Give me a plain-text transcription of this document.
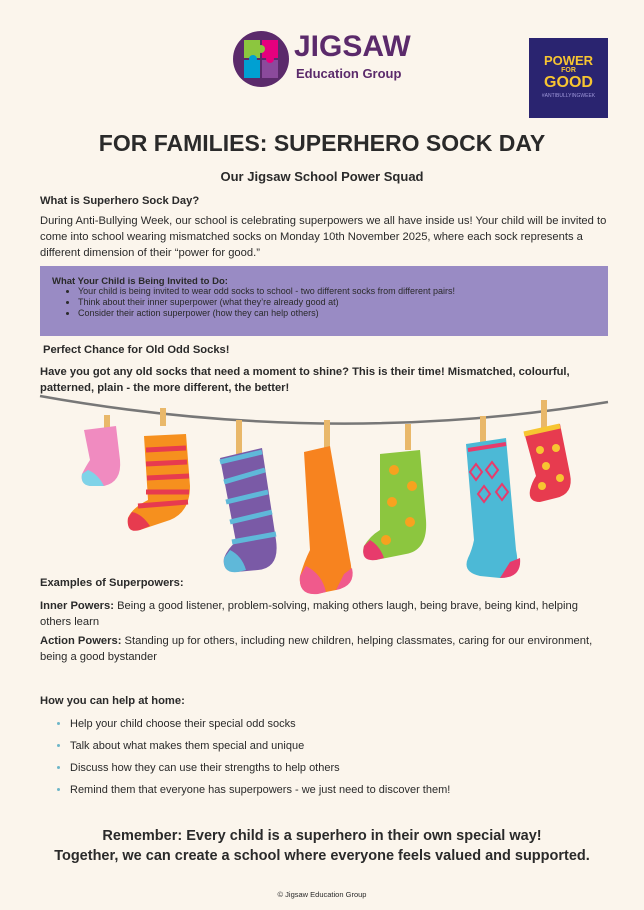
JIGSAW
Education Group
POWER
FOR
GOOD
#ANTIBULLYINGWEEK
FOR FAMILIES: SUPERHERO SOCK DAY
Our Jigsaw School Power Squad
What is Superhero Sock Day?
During Anti-Bullying Week, our school is celebrating superpowers we all have inside us! Your child will be invited to come into school wearing mismatched socks on Monday 10th November 2025, where each sock represents a different dimension of their “power for good.”
What Your Child is Being Invited to Do:
• Your child is being invited to wear odd socks to school - two different socks from different pairs!
• Think about their inner superpower (what they’re already good at)
• Consider their action superpower (how they can help others)
Perfect Chance for Old Odd Socks!
Have you got any old socks that need a moment to shine? This is their time! Mismatched, colourful, patterned, plain - the more different, the better!
Examples of Superpowers:
Inner Powers: Being a good listener, problem-solving, making others laugh, being brave, being kind, helping others learn
Action Powers: Standing up for others, including new children, helping classmates, caring for our environment, being a good bystander
How you can help at home:
• Help your child choose their special odd socks
• Talk about what makes them special and unique
• Discuss how they can use their strengths to help others
• Remind them that everyone has superpowers - we just need to discover them!
Remember: Every child is a superhero in their own special way!
Together, we can create a school where everyone feels valued and supported.
© Jigsaw Education Group
